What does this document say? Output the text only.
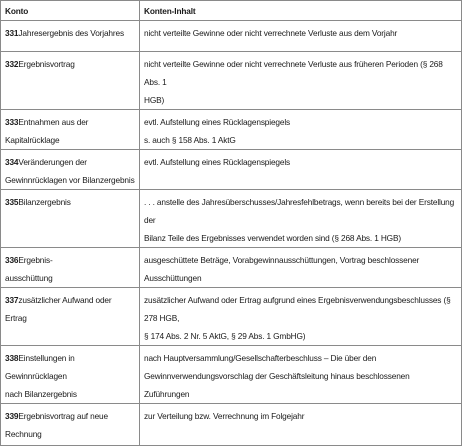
Konto	Konten-Inhalt

331Jahresergebnis des Vorjahres	nicht verteilte Gewinne oder nicht verrechnete Verluste aus dem Vorjahr

332Ergebnisvortrag	nicht verteilte Gewinne oder nicht verrechnete Verluste aus früheren Perioden (§ 268 Abs. 1
HGB)

333Entnahmen aus der
Kapitalrücklage	evtl. Aufstellung eines Rücklagenspiegels
s. auch § 158 Abs. 1 AktG

334Veränderungen der
Gewinnrücklagen vor Bilanzergebnis	evtl. Aufstellung eines Rücklagenspiegels

335Bilanzergebnis	. . . anstelle des Jahresüberschusses/Jahresfehlbetrags, wenn bereits bei der Erstellung der
Bilanz Teile des Ergebnisses verwendet worden sind (§ 268 Abs. 1 HGB)

336Ergebnis-
ausschüttung	ausgeschüttete Beträge, Vorabgewinnausschüttungen, Vortrag beschlossener Ausschüttungen

337zusätzlicher Aufwand oder Ertrag	zusätzlicher Aufwand oder Ertrag aufgrund eines Ergebnisverwendungsbeschlusses (§ 278 HGB,
§ 174 Abs. 2 Nr. 5 AktG, § 29 Abs. 1 GmbHG)

338Einstellungen in Gewinnrücklagen
nach Bilanzergebnis	nach Hauptversammlung/Gesellschafterbeschluss – Die über den
Gewinnverwendungsvorschlag der Geschäftsleitung hinaus beschlossenen Zuführungen

339Ergebnisvortrag auf neue
Rechnung	zur Verteilung bzw. Verrechnung im Folgejahr
